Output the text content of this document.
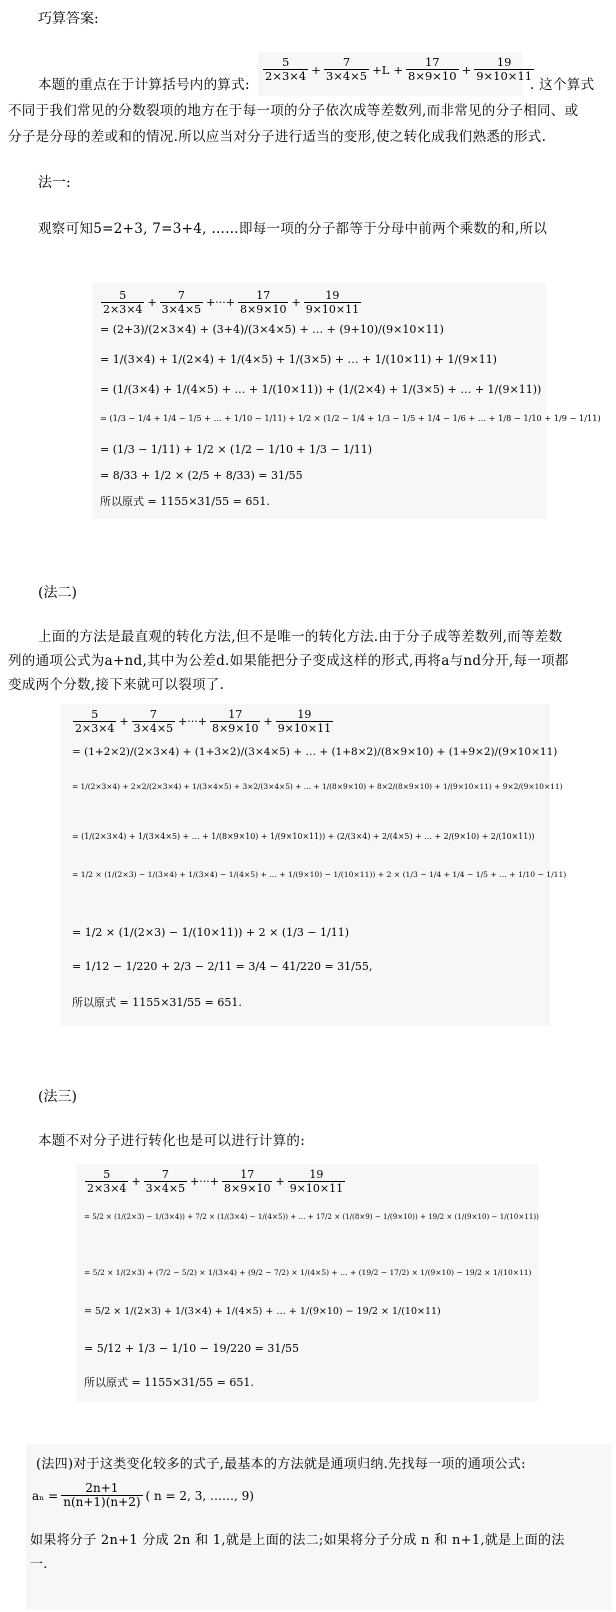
巧算答案:
本题的重点在于计算括号内的算式:
$\frac{5}{2\times 3\times 4} + \frac{7}{3\times 4\times 5} +L + \frac{17}{8\times 9\times 10} + \frac{19}{9\times 10\times 11}$
. 这个算式
不同于我们常见的分数裂项的地方在于每一项的分子依次成等差数列,而非常见的分子相同、或
分子是分母的差或和的情况.所以应当对分子进行适当的变形,使之转化成我们熟悉的形式.
法一:
观察可知5=2+3, 7=3+4, ……即每一项的分子都等于分母中前两个乘数的和,所以
$\frac{5}{2\times 3\times 4} + \frac{7}{3\times 4\times 5}$ +···+ $\frac{17}{8\times 9\times 10} + \frac{19}{9\times 10\times 11}$
= (2+3)/(2×3×4) + (3+4)/(3×4×5) + … + (9+10)/(9×10×11)
= 1/(3×4) + 1/(2×4) + 1/(4×5) + 1/(3×5) + … + 1/(10×11) + 1/(9×11)
= (1/(3×4) + 1/(4×5) + … + 1/(10×11)) + (1/(2×4) + 1/(3×5) + … + 1/(9×11))
= (1/3 − 1/4 + 1/4 − 1/5 + … + 1/10 − 1/11) + 1/2 × (1/2 − 1/4 + 1/3 − 1/5 + 1/4 − 1/6 + … + 1/8 − 1/10 + 1/9 − 1/11)
= (1/3 − 1/11) + 1/2 × (1/2 − 1/10 + 1/3 − 1/11)
= 8/33 + 1/2 × (2/5 + 8/33) = 31/55
所以原式 = 1155×31/55 = 651.
(法二)
上面的方法是最直观的转化方法,但不是唯一的转化方法.由于分子成等差数列,而等差数
列的通项公式为a+nd,其中为公差d.如果能把分子变成这样的形式,再将a与nd分开,每一项都
变成两个分数,接下来就可以裂项了.
$\frac{5}{2\times 3\times 4} + \frac{7}{3\times 4\times 5}$ +···+ $\frac{17}{8\times 9\times 10} + \frac{19}{9\times 10\times 11}$
= (1+2×2)/(2×3×4) + (1+3×2)/(3×4×5) + … + (1+8×2)/(8×9×10) + (1+9×2)/(9×10×11)
= 1/(2×3×4) + 2×2/(2×3×4) + 1/(3×4×5) + 3×2/(3×4×5) + … + 1/(8×9×10) + 8×2/(8×9×10) + 1/(9×10×11) + 9×2/(9×10×11)
= (1/(2×3×4) + 1/(3×4×5) + … + 1/(8×9×10) + 1/(9×10×11)) + (2/(3×4) + 2/(4×5) + … + 2/(9×10) + 2/(10×11))
= 1/2 × (1/(2×3) − 1/(3×4) + 1/(3×4) − 1/(4×5) + … + 1/(9×10) − 1/(10×11)) + 2 × (1/3 − 1/4 + 1/4 − 1/5 + … + 1/10 − 1/11)
= 1/2 × (1/(2×3) − 1/(10×11)) + 2 × (1/3 − 1/11)
= 1/12 − 1/220 + 2/3 − 2/11 = 3/4 − 41/220 = 31/55,
所以原式 = 1155×31/55 = 651.
(法三)
本题不对分子进行转化也是可以进行计算的:
$\frac{5}{2\times 3\times 4} + \frac{7}{3\times 4\times 5}$ +···+ $\frac{17}{8\times 9\times 10} + \frac{19}{9\times 10\times 11}$
= 5/2 × (1/(2×3) − 1/(3×4)) + 7/2 × (1/(3×4) − 1/(4×5)) + … + 17/2 × (1/(8×9) − 1/(9×10)) + 19/2 × (1/(9×10) − 1/(10×11))
= 5/2 × 1/(2×3) + (7/2 − 5/2) × 1/(3×4) + (9/2 − 7/2) × 1/(4×5) + … + (19/2 − 17/2) × 1/(9×10) − 19/2 × 1/(10×11)
= 5/2 × 1/(2×3) + 1/(3×4) + 1/(4×5) + … + 1/(9×10) − 19/2 × 1/(10×11)
= 5/12 + 1/3 − 1/10 − 19/220 = 31/55
所以原式 = 1155×31/55 = 651.
(法四)对于这类变化较多的式子,最基本的方法就是通项归纳.先找每一项的通项公式:
$a_n = \frac{2n+1}{n(n+1)(n+2)}$ ( n = 2, 3, ……, 9)
如果将分子 2n+1 分成 2n 和 1,就是上面的法二;如果将分子分成 n 和 n+1,就是上面的法
一.
